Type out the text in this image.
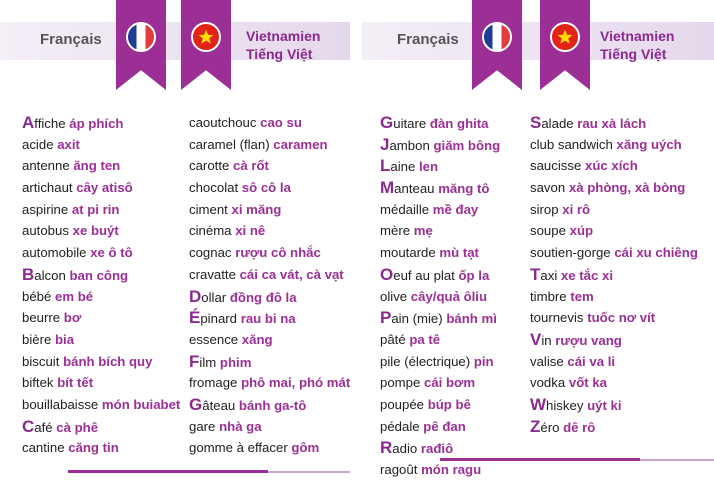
Français	Vietnamien
Tiếng Việt
Français	Vietnamien
Tiếng Việt
Affiche áp phích
acide axit
antenne ăng ten
artichaut cây atisô
aspirine at pi rin
autobus xe buýt
automobile xe ô tô
Balcon ban công
bébé em bé
beurre bơ
bière bia
biscuit bánh bích quy
biftek bít tết
bouillabaisse món buiabet
Café cà phê
cantine căng tin
caoutchouc cao su
caramel (flan) caramen
carotte cà rốt
chocolat sô cô la
ciment xi măng
cinéma xi nê
cognac rượu cô nhắc
cravatte cái ca vát, cà vạt
Dollar đồng đô la
Épinard rau bi na
essence xăng
Film phim
fromage phô mai, phó mát
Gâteau bánh ga-tô
gare nhà ga
gomme à effacer gôm
Guitare đàn ghita
Jambon giăm bông
Laine len
Manteau măng tô
médaille mề đay
mère mẹ
moutarde mù tạt
Oeuf au plat ốp la
olive cây/quả ôliu
Pain (mie) bánh mì
pâté pa tê
pile (électrique) pin
pompe cái bơm
poupée búp bê
pédale pê đan
Radio rađiô
ragoût món ragu
Salade rau xà lách
club sandwich xăng uých
saucisse xúc xích
savon xà phòng, xà bòng
sirop xi rô
soupe xúp
soutien-gorge cái xu chiêng
Taxi xe tắc xi
timbre tem
tournevis tuốc nơ vít
Vin rượu vang
valise cái va li
vodka vốt ka
Whiskey uýt ki
Zéro dê rô
